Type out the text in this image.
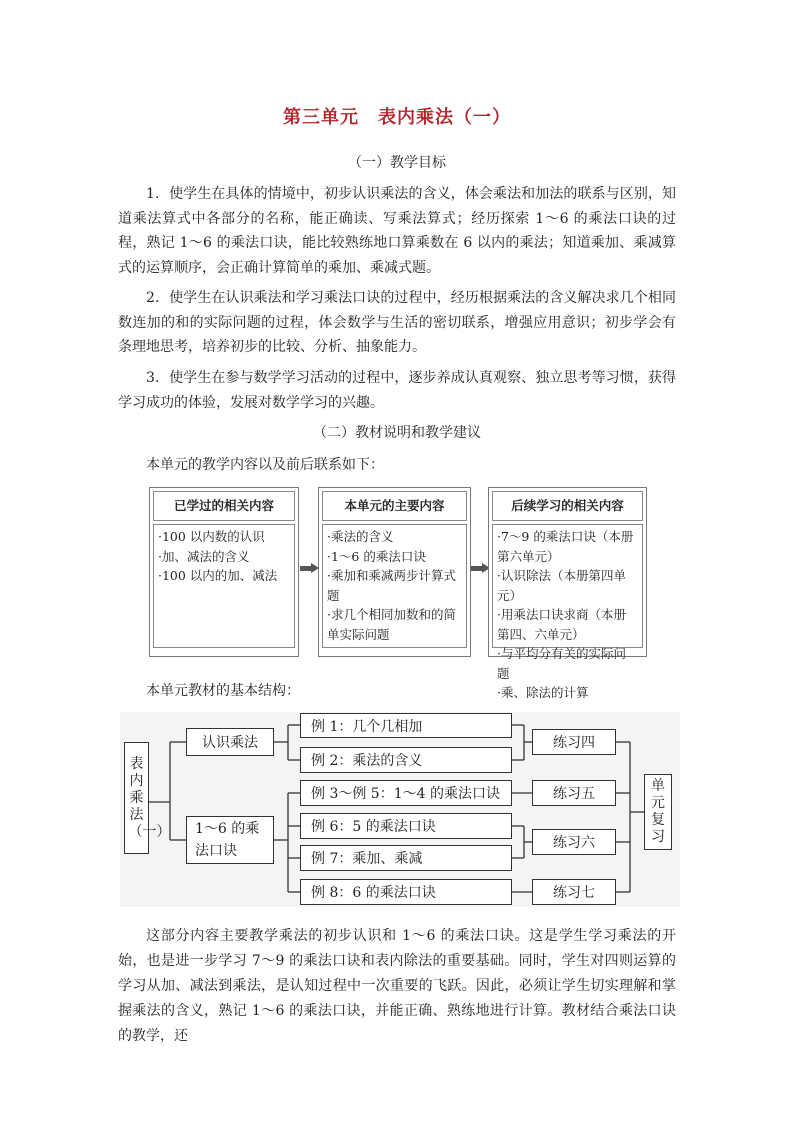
第三单元　表内乘法（一）
（一）教学目标
1．使学生在具体的情境中，初步认识乘法的含义，体会乘法和加法的联系与区别，知道乘法算式中各部分的名称，能正确读、写乘法算式；经历探索 1～6 的乘法口诀的过程，熟记 1～6 的乘法口诀，能比较熟练地口算乘数在 6 以内的乘法；知道乘加、乘减算式的运算顺序，会正确计算简单的乘加、乘减式题。
2．使学生在认识乘法和学习乘法口诀的过程中，经历根据乘法的含义解决求几个相同数连加的和的实际问题的过程，体会数学与生活的密切联系，增强应用意识；初步学会有条理地思考，培养初步的比较、分析、抽象能力。
3．使学生在参与数学学习活动的过程中，逐步养成认真观察、独立思考等习惯，获得学习成功的体验，发展对数学学习的兴趣。
（二）教材说明和教学建议
本单元的教学内容以及前后联系如下：
已学过的相关内容
·100 以内数的认识
·加、减法的含义
·100 以内的加、减法
本单元的主要内容
·乘法的含义
·1～6 的乘法口诀
·乘加和乘减两步计算式题
·求几个相同加数和的简单实际问题
后续学习的相关内容
·7～9 的乘法口诀（本册第六单元）
·认识除法（本册第四单元）
·用乘法口诀求商（本册第四、六单元）
·与平均分有关的实际问题
·乘、除法的计算
本单元教材的基本结构：
表内乘法（一）
认识乘法
1～6 的乘法口诀
例 1：几个几相加
例 2：乘法的含义
例 3～例 5：1～4 的乘法口诀
例 6：5 的乘法口诀
例 7：乘加、乘减
例 8：6 的乘法口诀
练习四
练习五
练习六
练习七
单元复习
这部分内容主要教学乘法的初步认识和 1～6 的乘法口诀。这是学生学习乘法的开始，也是进一步学习 7～9 的乘法口诀和表内除法的重要基础。同时，学生对四则运算的学习从加、减法到乘法，是认知过程中一次重要的飞跃。因此，必须让学生切实理解和掌握乘法的含义，熟记 1～6 的乘法口诀，并能正确、熟练地进行计算。教材结合乘法口诀的教学，还
